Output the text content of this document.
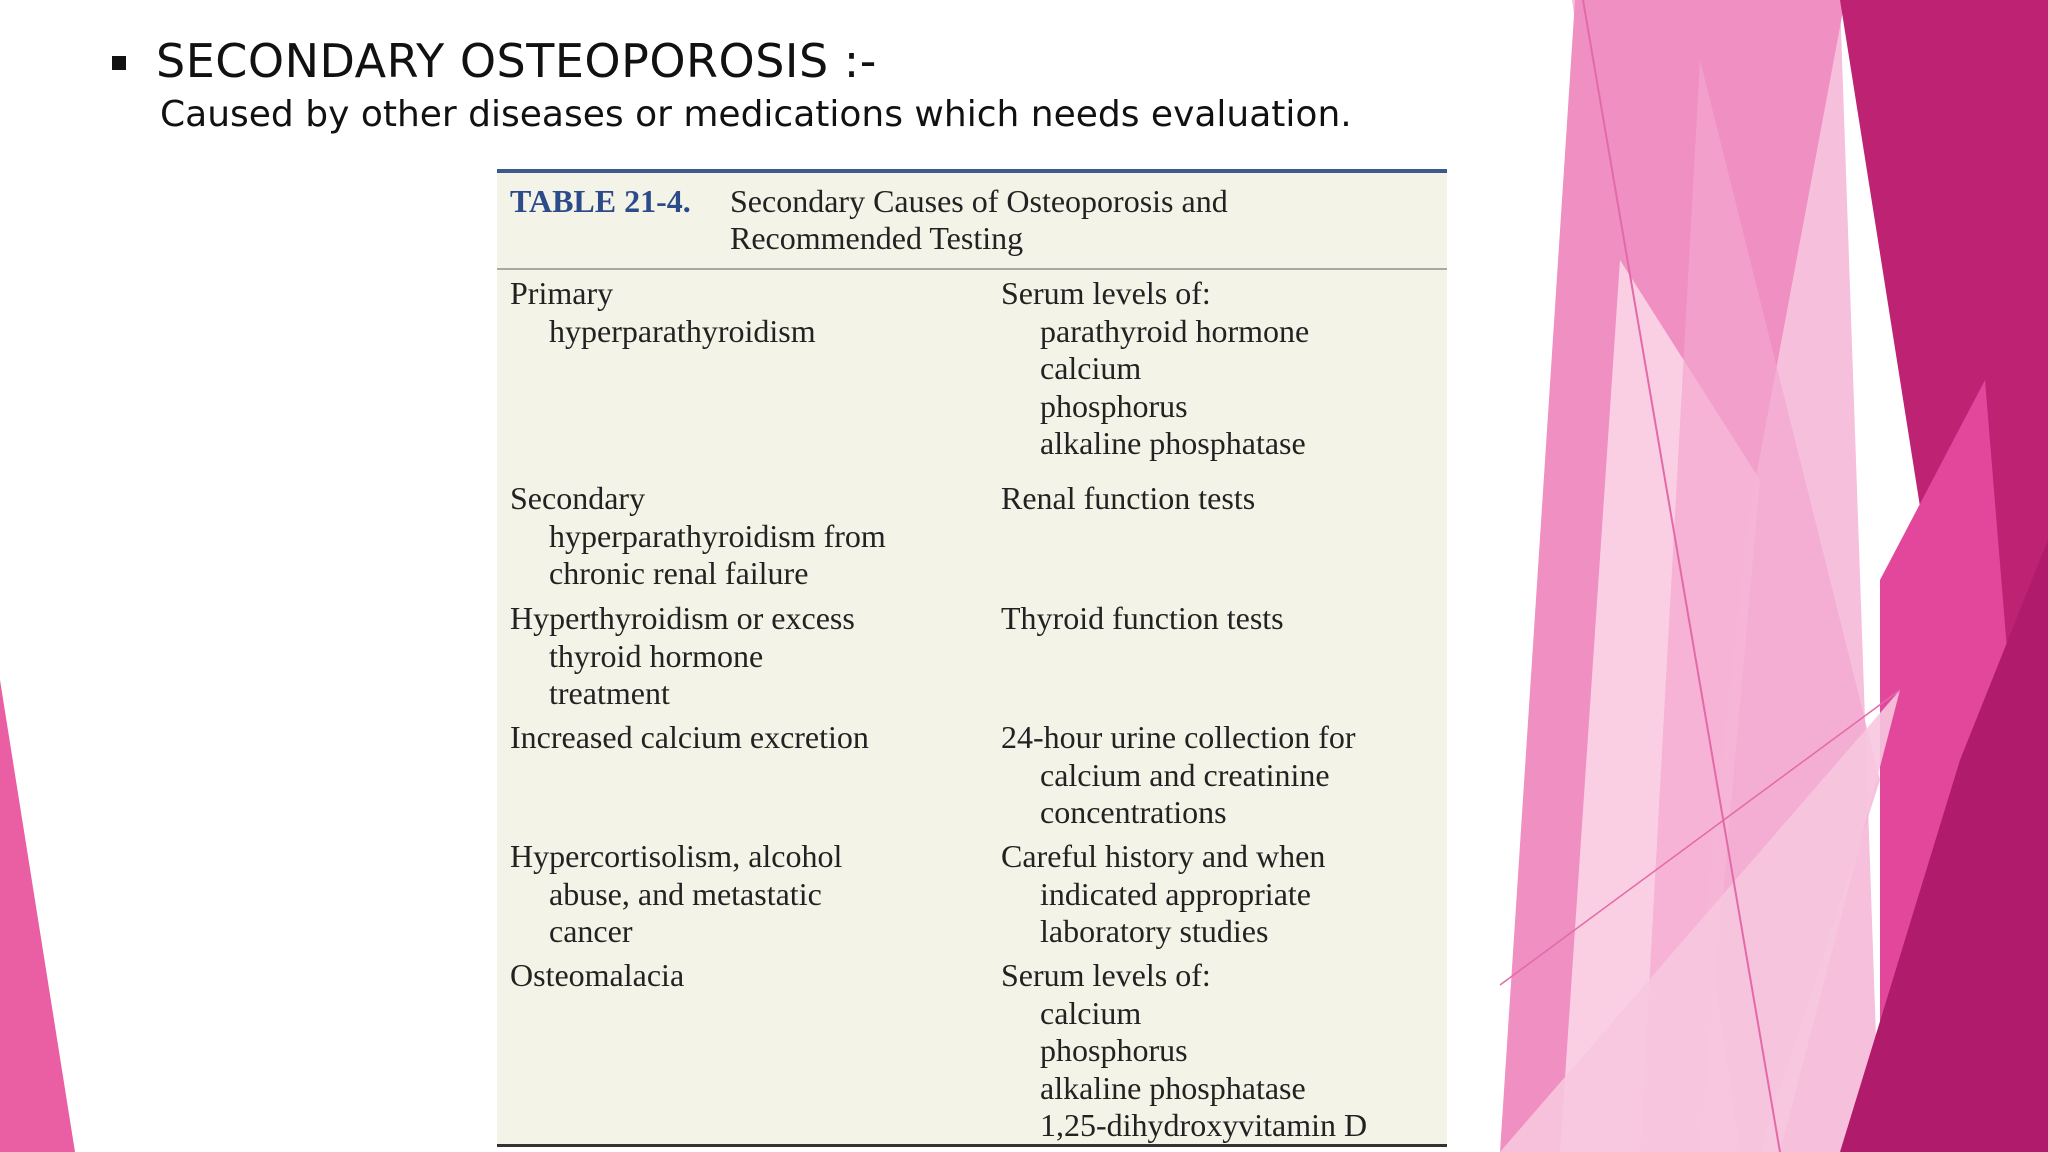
SECONDARY OSTEOPOROSIS :-
Caused by other diseases or medications which needs evaluation.
TABLE 21-4. Secondary Causes of Osteoporosis and
Recommended Testing
Primary
hyperparathyroidism
Serum levels of:
parathyroid hormone
calcium
phosphorus
alkaline phosphatase
Secondary
hyperparathyroidism from
chronic renal failure
Renal function tests
Hyperthyroidism or excess
thyroid hormone
treatment
Thyroid function tests
Increased calcium excretion	24-hour urine collection for
calcium and creatinine
concentrations
Hypercortisolism, alcohol
abuse, and metastatic
cancer
Careful history and when
indicated appropriate
laboratory studies
Osteomalacia	Serum levels of:
calcium
phosphorus
alkaline phosphatase
1,25-dihydroxyvitamin D
